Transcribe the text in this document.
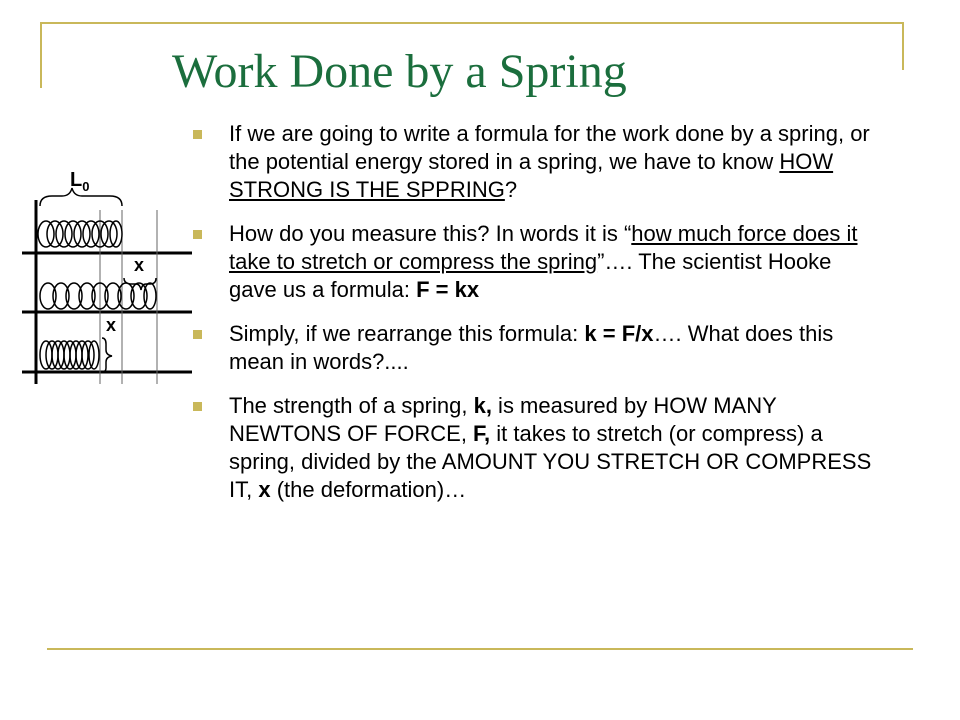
Work Done by a Spring
$L_0$
x
x
If we are going to write a formula for the work done by a spring, or the potential energy stored in a spring, we have to know HOW STRONG IS THE SPPRING?
How do you measure this? In words it is “how much force does it take to stretch or compress the spring”…. The scientist Hooke gave us a formula: F = kx
Simply, if we rearrange this formula: k = F/x…. What does this mean in words?....
The strength of a spring, k, is measured by HOW MANY NEWTONS OF FORCE, F, it takes to stretch (or compress) a spring, divided by the AMOUNT YOU STRETCH OR COMPRESS IT, x (the deformation)…
